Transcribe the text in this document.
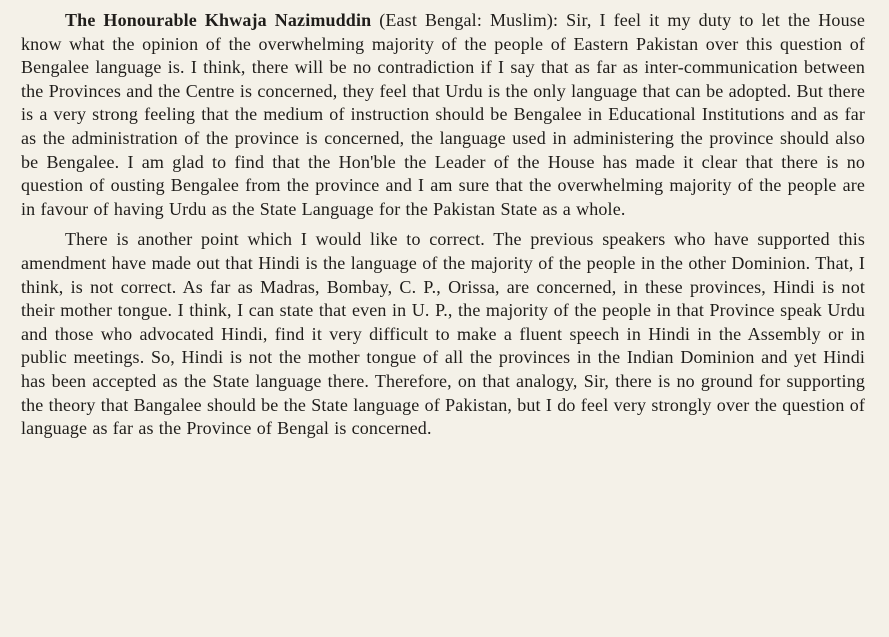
The Honourable Khwaja Nazimuddin (East Bengal: Muslim): Sir, I feel it my duty to let the House know what the opinion of the overwhelming majority of the people of Eastern Pakistan over this question of Bengalee language is. I think, there will be no contradiction if I say that as far as inter-communication between the Provinces and the Centre is concerned, they feel that Urdu is the only language that can be adopted. But there is a very strong feeling that the medium of instruction should be Bengalee in Educational Institutions and as far as the administration of the province is concerned, the language used in administering the province should also be Bengalee. I am glad to find that the Hon'ble the Leader of the House has made it clear that there is no question of ousting Bengalee from the province and I am sure that the overwhelming majority of the people are in favour of having Urdu as the State Language for the Pakistan State as a whole.

There is another point which I would like to correct. The previous speakers who have supported this amendment have made out that Hindi is the language of the majority of the people in the other Dominion. That, I think, is not correct. As far as Madras, Bombay, C. P., Orissa, are concerned, in these provinces, Hindi is not their mother tongue. I think, I can state that even in U. P., the majority of the people in that Province speak Urdu and those who advocated Hindi, find it very difficult to make a fluent speech in Hindi in the Assembly or in public meetings. So, Hindi is not the mother tongue of all the provinces in the Indian Dominion and yet Hindi has been accepted as the State language there. Therefore, on that analogy, Sir, there is no ground for supporting the theory that Bangalee should be the State language of Pakistan, but I do feel very strongly over the question of language as far as the Province of Bengal is concerned.
